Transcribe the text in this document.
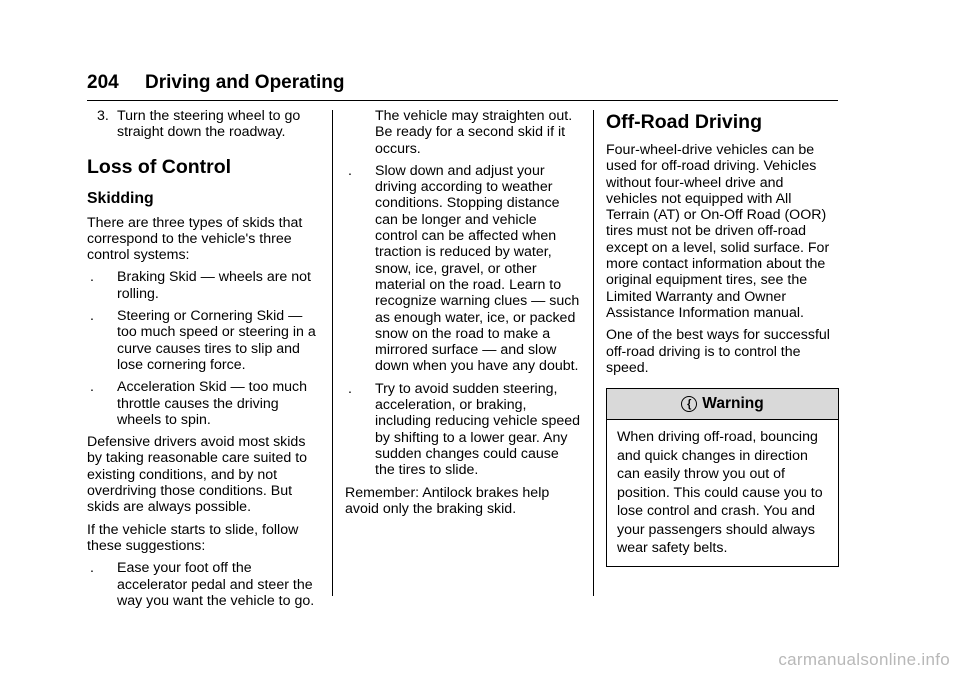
204 Driving and Operating
3. Turn the steering wheel to go
straight down the roadway.
Loss of Control
Skidding
There are three types of skids that
correspond to the vehicle's three
control systems:
.	Braking Skid — wheels are not
rolling.
.	Steering or Cornering Skid —
too much speed or steering in a
curve causes tires to slip and
lose cornering force.
.	Acceleration Skid — too much
throttle causes the driving
wheels to spin.
Defensive drivers avoid most skids
by taking reasonable care suited to
existing conditions, and by not
overdriving those conditions. But
skids are always possible.
If the vehicle starts to slide, follow
these suggestions:
.	Ease your foot off the
accelerator pedal and steer the
way you want the vehicle to go.
The vehicle may straighten out.
Be ready for a second skid if it
occurs.
.	Slow down and adjust your
driving according to weather
conditions. Stopping distance
can be longer and vehicle
control can be affected when
traction is reduced by water,
snow, ice, gravel, or other
material on the road. Learn to
recognize warning clues — such
as enough water, ice, or packed
snow on the road to make a
mirrored surface — and slow
down when you have any doubt.
.	Try to avoid sudden steering,
acceleration, or braking,
including reducing vehicle speed
by shifting to a lower gear. Any
sudden changes could cause
the tires to slide.
Remember: Antilock brakes help
avoid only the braking skid.
Off-Road Driving
Four-wheel-drive vehicles can be
used for off-road driving. Vehicles
without four-wheel drive and
vehicles not equipped with All
Terrain (AT) or On-Off Road (OOR)
tires must not be driven off-road
except on a level, solid surface. For
more contact information about the
original equipment tires, see the
Limited Warranty and Owner
Assistance Information manual.
One of the best ways for successful
off-road driving is to control the
speed.
{ Warning
When driving off-road, bouncing
and quick changes in direction
can easily throw you out of
position. This could cause you to
lose control and crash. You and
your passengers should always
wear safety belts.
carmanualsonline.info
